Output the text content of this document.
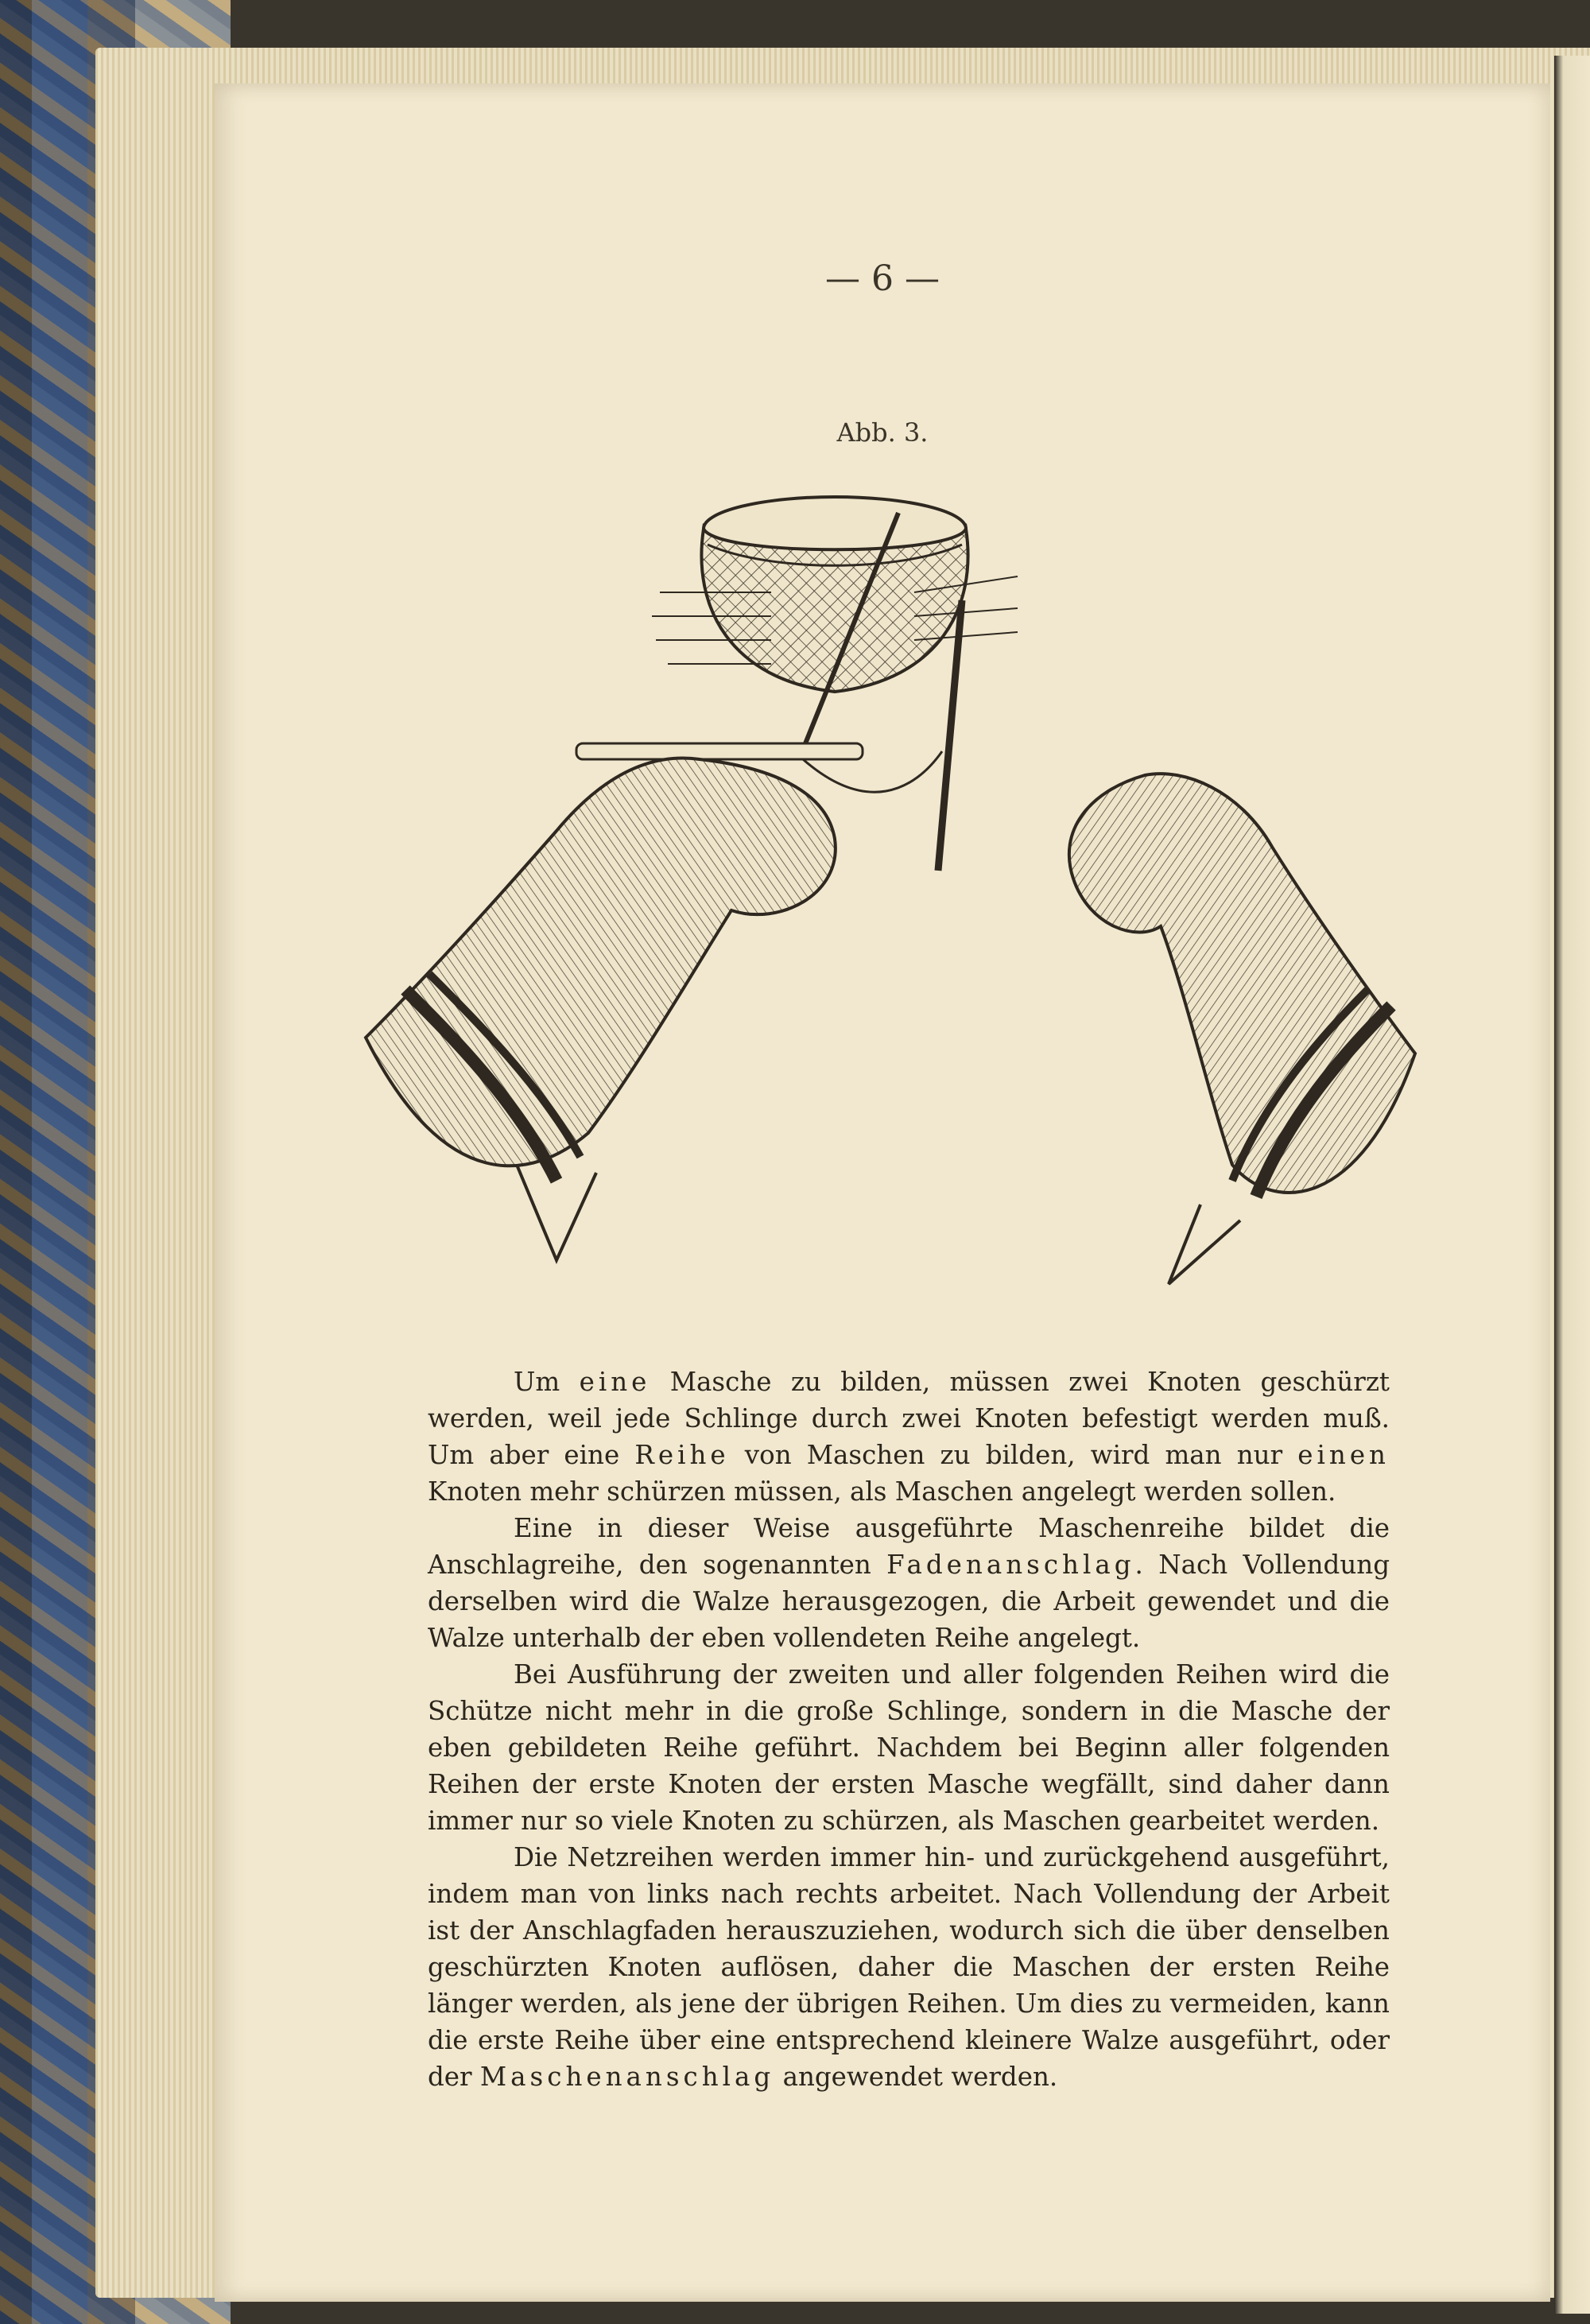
— 6 —

Abb. 3.

Um eine Masche zu bilden, müssen zwei Knoten geschürzt werden, weil jede Schlinge durch zwei Knoten befestigt werden muß. Um aber eine Reihe von Maschen zu bilden, wird man nur einen Knoten mehr schürzen müssen, als Maschen angelegt werden sollen.

Eine in dieser Weise ausgeführte Maschenreihe bildet die Anschlagreihe, den sogenannten Fadenanschlag. Nach Vollendung derselben wird die Walze herausgezogen, die Arbeit gewendet und die Walze unterhalb der eben vollendeten Reihe angelegt.

Bei Ausführung der zweiten und aller folgenden Reihen wird die Schütze nicht mehr in die große Schlinge, sondern in die Masche der eben gebildeten Reihe geführt. Nachdem bei Beginn aller folgenden Reihen der erste Knoten der ersten Masche wegfällt, sind daher dann immer nur so viele Knoten zu schürzen, als Maschen gearbeitet werden.

Die Netzreihen werden immer hin- und zurückgehend ausgeführt, indem man von links nach rechts arbeitet. Nach Vollendung der Arbeit ist der Anschlagfaden herauszuziehen, wodurch sich die über denselben geschürzten Knoten auflösen, daher die Maschen der ersten Reihe länger werden, als jene der übrigen Reihen. Um dies zu vermeiden, kann die erste Reihe über eine entsprechend kleinere Walze ausgeführt, oder der Maschenanschlag angewendet werden.
